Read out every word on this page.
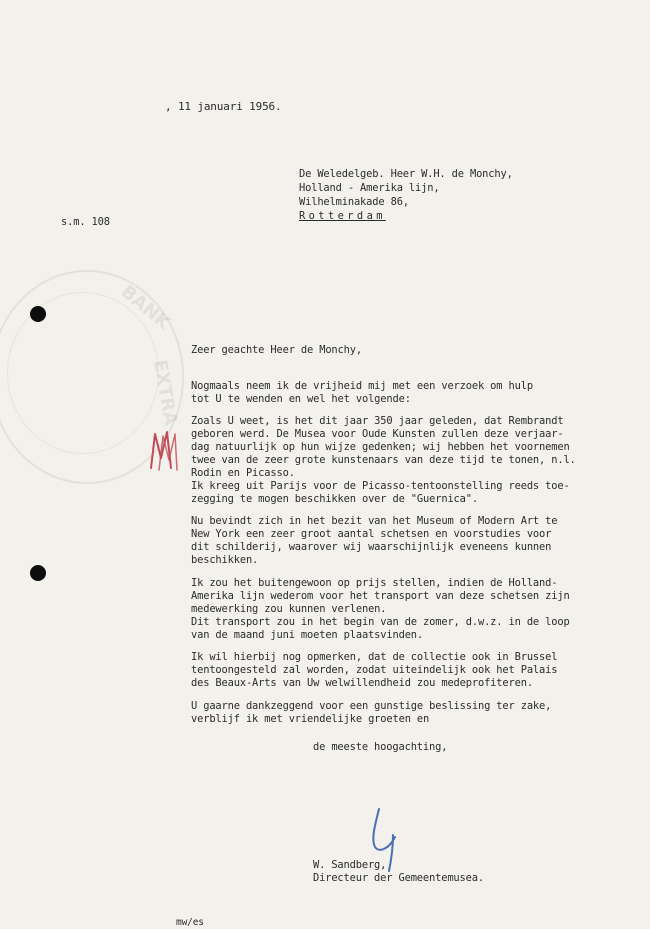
BANK
EXTRA
, 11 januari 1956.
De Weledelgeb. Heer W.H. de Monchy,
Holland - Amerika lijn,
Wilhelminakade 86,
Rotterdam
s.m. 108
Zeer geachte Heer de Monchy,
Nogmaals neem ik de vrijheid mij met een verzoek om hulp
tot U te wenden en wel het volgende:
Zoals U weet, is het dit jaar 350 jaar geleden, dat Rembrandt
geboren werd. De Musea voor Oude Kunsten zullen deze verjaar-
dag natuurlijk op hun wijze gedenken; wij hebben het voornemen
twee van de zeer grote kunstenaars van deze tijd te tonen, n.l.
Rodin en Picasso.
Ik kreeg uit Parijs voor de Picasso-tentoonstelling reeds toe-
zegging te mogen beschikken over de "Guernica".
Nu bevindt zich in het bezit van het Museum of Modern Art te
New York een zeer groot aantal schetsen en voorstudies voor
dit schilderij, waarover wij waarschijnlijk eveneens kunnen
beschikken.
Ik zou het buitengewoon op prijs stellen, indien de Holland-
Amerika lijn wederom voor het transport van deze schetsen zijn
medewerking zou kunnen verlenen.
Dit transport zou in het begin van de zomer, d.w.z. in de loop
van de maand juni moeten plaatsvinden.
Ik wil hierbij nog opmerken, dat de collectie ook in Brussel
tentoongesteld zal worden, zodat uiteindelijk ook het Palais
des Beaux-Arts van Uw welwillendheid zou medeprofiteren.
U gaarne dankzeggend voor een gunstige beslissing ter zake,
verblijf ik met vriendelijke groeten en
de meeste hoogachting,
W. Sandberg,
Directeur der Gemeentemusea.
mw/es
